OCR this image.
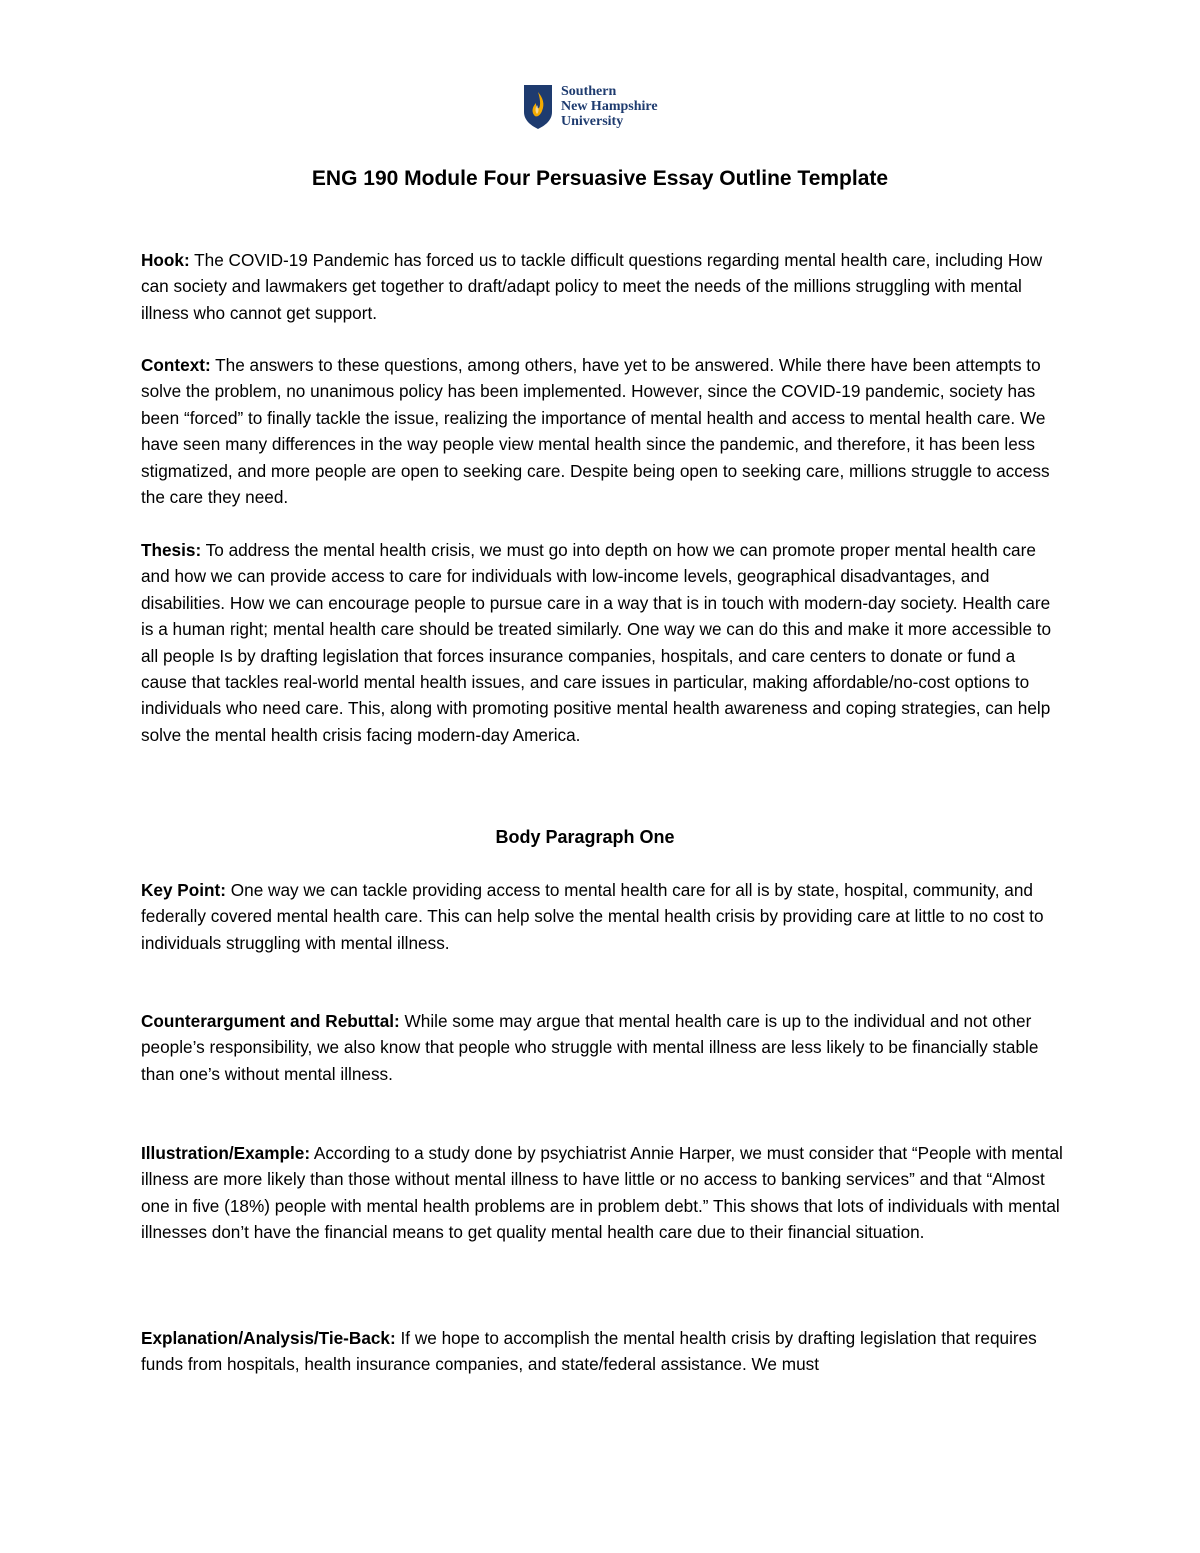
Southern
New Hampshire
University
ENG 190 Module Four Persuasive Essay Outline Template
Hook: The COVID-19 Pandemic has forced us to tackle difficult questions regarding mental health care, including How can society and lawmakers get together to draft/adapt policy to meet the needs of the millions struggling with mental illness who cannot get support.
Context: The answers to these questions, among others, have yet to be answered. While there have been attempts to solve the problem, no unanimous policy has been implemented. However, since the COVID-19 pandemic, society has been “forced” to finally tackle the issue, realizing the importance of mental health and access to mental health care. We have seen many differences in the way people view mental health since the pandemic, and therefore, it has been less stigmatized, and more people are open to seeking care. Despite being open to seeking care, millions struggle to access the care they need.
Thesis: To address the mental health crisis, we must go into depth on how we can promote proper mental health care and how we can provide access to care for individuals with low-income levels, geographical disadvantages, and disabilities. How we can encourage people to pursue care in a way that is in touch with modern-day society. Health care is a human right; mental health care should be treated similarly. One way we can do this and make it more accessible to all people Is by drafting legislation that forces insurance companies, hospitals, and care centers to donate or fund a cause that tackles real-world mental health issues, and care issues in particular, making affordable/no-cost options to individuals who need care. This, along with promoting positive mental health awareness and coping strategies, can help solve the mental health crisis facing modern-day America.
Body Paragraph One
Key Point: One way we can tackle providing access to mental health care for all is by state, hospital, community, and federally covered mental health care. This can help solve the mental health crisis by providing care at little to no cost to individuals struggling with mental illness.
Counterargument and Rebuttal: While some may argue that mental health care is up to the individual and not other people’s responsibility, we also know that people who struggle with mental illness are less likely to be financially stable than one’s without mental illness.
Illustration/Example: According to a study done by psychiatrist Annie Harper, we must consider that “People with mental illness are more likely than those without mental illness to have little or no access to banking services” and that “Almost one in five (18%) people with mental health problems are in problem debt.” This shows that lots of individuals with mental illnesses don’t have the financial means to get quality mental health care due to their financial situation.
Explanation/Analysis/Tie-Back: If we hope to accomplish the mental health crisis by drafting legislation that requires funds from hospitals, health insurance companies, and state/federal assistance. We must
